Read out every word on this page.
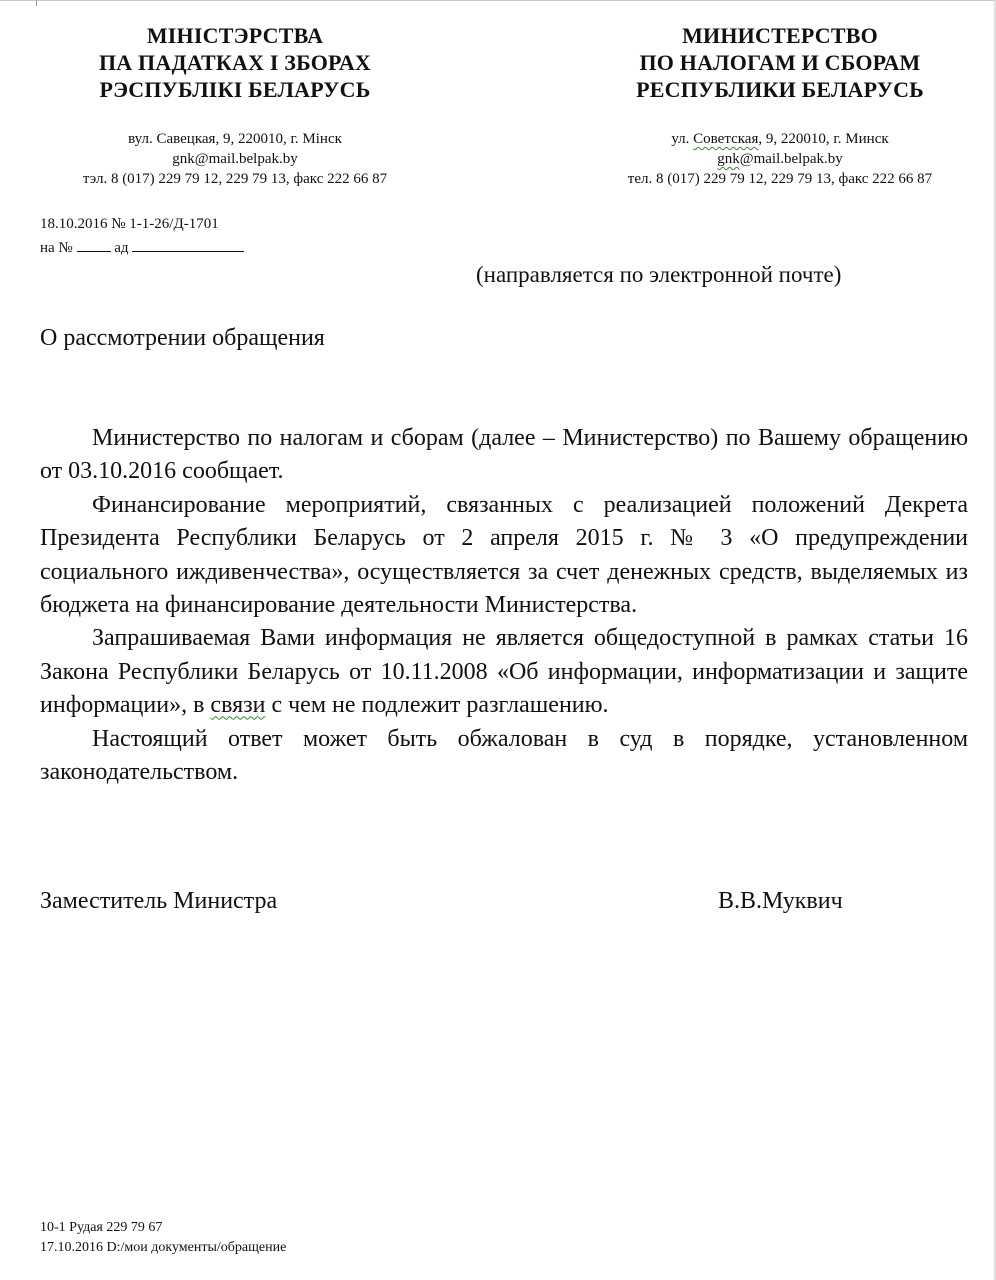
МІНІСТЭРСТВА
ПА ПАДАТКАХ І ЗБОРАХ
РЭСПУБЛІКІ БЕЛАРУСЬ
вул. Савецкая, 9, 220010, г. Мінск
gnk@mail.belpak.by
тэл. 8 (017) 229 79 12, 229 79 13, факс 222 66 87
МИНИСТЕРСТВО
ПО НАЛОГАМ И СБОРАМ
РЕСПУБЛИКИ БЕЛАРУСЬ
ул. Советская, 9, 220010, г. Минск
gnk@mail.belpak.by
тел. 8 (017) 229 79 12, 229 79 13, факс 222 66 87
18.10.2016 № 1-1-26/Д-1701
на №	ад
(направляется по электронной почте)
О рассмотрении обращения

Министерство по налогам и сборам (далее – Министерство) по Вашему обращению от 03.10.2016 сообщает.

Финансирование мероприятий, связанных с реализацией положений Декрета Президента Республики Беларусь от 2 апреля 2015 г. № 3 «О предупреждении социального иждивенчества», осуществляется за счет денежных средств, выделяемых из бюджета на финансирование деятельности Министерства.

Запрашиваемая Вами информация не является общедоступной в рамках статьи 16 Закона Республики Беларусь от 10.11.2008 «Об информации, информатизации и защите информации», в связи с чем не подлежит разглашению.

Настоящий ответ может быть обжалован в суд в порядке, установленном законодательством.

Заместитель Министра	В.В.Муквич
10-1 Рудая 229 79 67
17.10.2016 D:/мои документы/обращение
